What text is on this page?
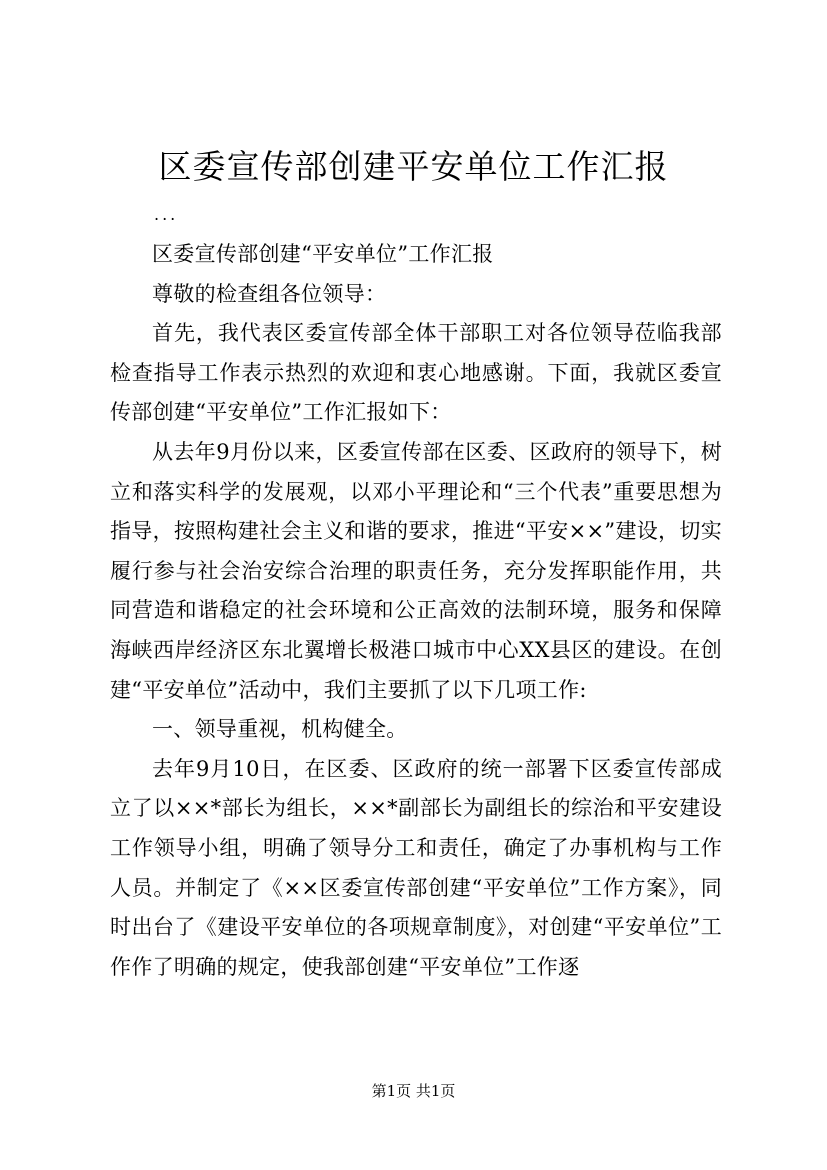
区委宣传部创建平安单位工作汇报
...

区委宣传部创建“平安单位”工作汇报

尊敬的检查组各位领导：

首先，我代表区委宣传部全体干部职工对各位领导莅临我部检查指导工作表示热烈的欢迎和衷心地感谢。下面，我就区委宣传部创建“平安单位”工作汇报如下：

从去年9月份以来，区委宣传部在区委、区政府的领导下，树立和落实科学的发展观，以邓小平理论和“三个代表”重要思想为指导，按照构建社会主义和谐的要求，推进“平安××”建设，切实履行参与社会治安综合治理的职责任务，充分发挥职能作用，共同营造和谐稳定的社会环境和公正高效的法制环境，服务和保障海峡西岸经济区东北翼增长极港口城市中心XX县区的建设。在创建“平安单位”活动中，我们主要抓了以下几项工作:

一、领导重视，机构健全。

去年9月10日，在区委、区政府的统一部署下区委宣传部成立了以××*部长为组长，××*副部长为副组长的综治和平安建设工作领导小组，明确了领导分工和责任，确定了办事机构与工作人员。并制定了《××区委宣传部创建“平安单位”工作方案》，同时出台了《建设平安单位的各项规章制度》，对创建“平安单位”工作作了明确的规定，使我部创建“平安单位”工作逐

第1页 共1页
